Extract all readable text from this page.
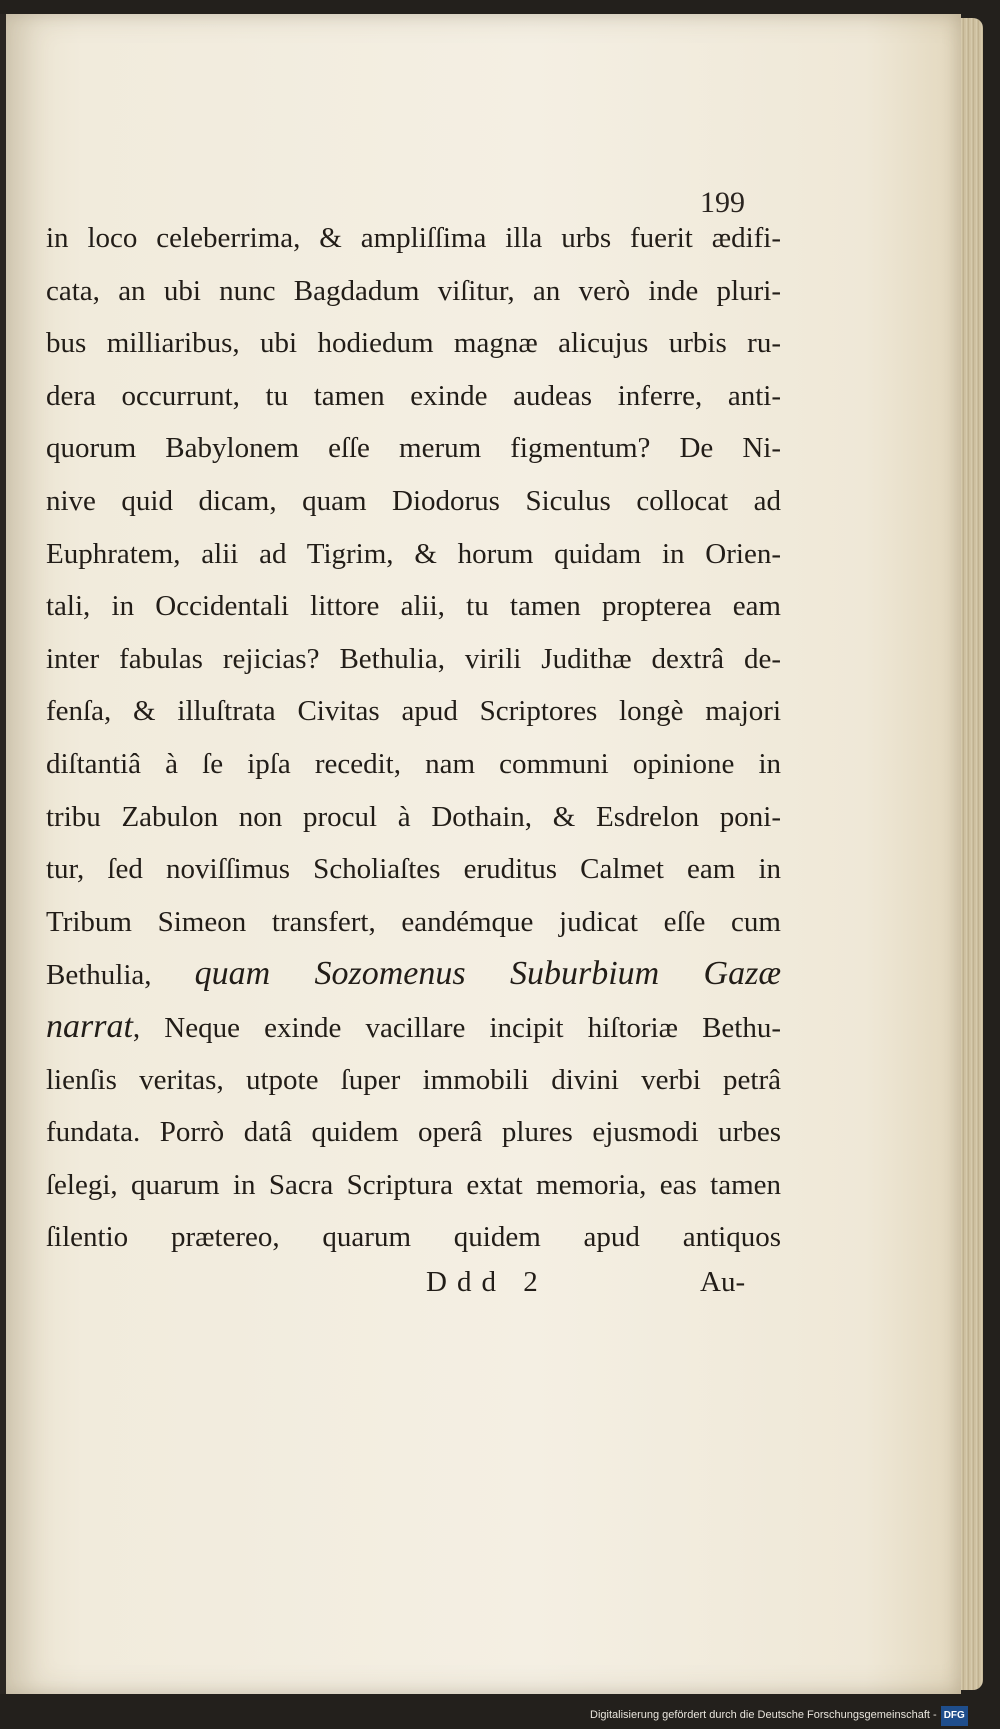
199
in loco celeberrima, & ampliſſima illa urbs fuerit ædifi-
cata, an ubi nunc Bagdadum viſitur, an verò inde pluri-
bus milliaribus, ubi hodiedum magnæ alicujus urbis ru-
dera occurrunt, tu tamen exinde audeas inferre, anti-
quorum Babylonem eſſe merum figmentum? De Ni-
nive quid dicam, quam Diodorus Siculus collocat ad
Euphratem, alii ad Tigrim, & horum quidam in Orien-
tali, in Occidentali littore alii, tu tamen propterea eam
inter fabulas rejicias? Bethulia, virili Judithæ dextrâ de-
fenſa, & illuſtrata Civitas apud Scriptores longè majori
diſtantiâ à ſe ipſa recedit, nam communi opinione in
tribu Zabulon non procul à Dothain, & Esdrelon poni-
tur, ſed noviſſimus Scholiaſtes eruditus Calmet eam in
Tribum Simeon transfert, eandémque judicat eſſe cum
Bethulia, quam Sozomenus Suburbium Gazæ
narrat, Neque exinde vacillare incipit hiſtoriæ Bethu-
lienſis veritas, utpote ſuper immobili divini verbi petrâ
fundata. Porrò datâ quidem operâ plures ejusmodi urbes
ſelegi, quarum in Sacra Scriptura extat memoria, eas tamen
ſilentio prætereo, quarum quidem apud antiquos
Ddd 2	Au-
Digitalisierung gefördert durch die Deutsche Forschungsgemeinschaft - DFG
